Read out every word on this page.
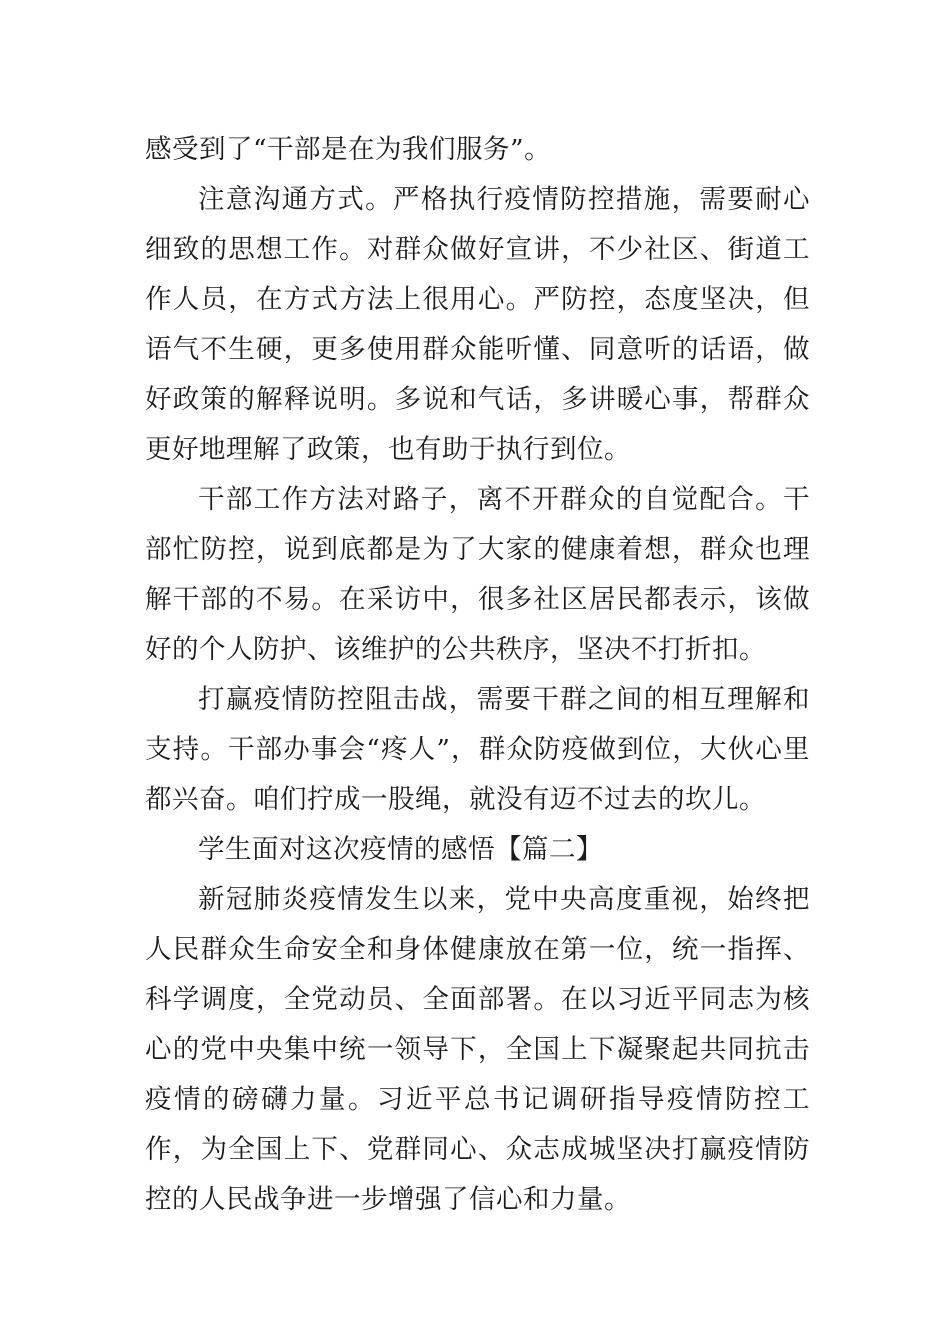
感受到了“干部是在为我们服务”。

注意沟通方式。严格执行疫情防控措施，需要耐心细致的思想工作。对群众做好宣讲，不少社区、街道工作人员，在方式方法上很用心。严防控，态度坚决，但语气不生硬，更多使用群众能听懂、同意听的话语，做好政策的解释说明。多说和气话，多讲暖心事，帮群众更好地理解了政策，也有助于执行到位。

干部工作方法对路子，离不开群众的自觉配合。干部忙防控，说到底都是为了大家的健康着想，群众也理解干部的不易。在采访中，很多社区居民都表示，该做好的个人防护、该维护的公共秩序，坚决不打折扣。

打赢疫情防控阻击战，需要干群之间的相互理解和支持。干部办事会“疼人”，群众防疫做到位，大伙心里都兴奋。咱们拧成一股绳，就没有迈不过去的坎儿。

学生面对这次疫情的感悟【篇二】

新冠肺炎疫情发生以来，党中央高度重视，始终把人民群众生命安全和身体健康放在第一位，统一指挥、科学调度，全党动员、全面部署。在以习近平同志为核心的党中央集中统一领导下，全国上下凝聚起共同抗击疫情的磅礴力量。习近平总书记调研指导疫情防控工作，为全国上下、党群同心、众志成城坚决打赢疫情防控的人民战争进一步增强了信心和力量。
